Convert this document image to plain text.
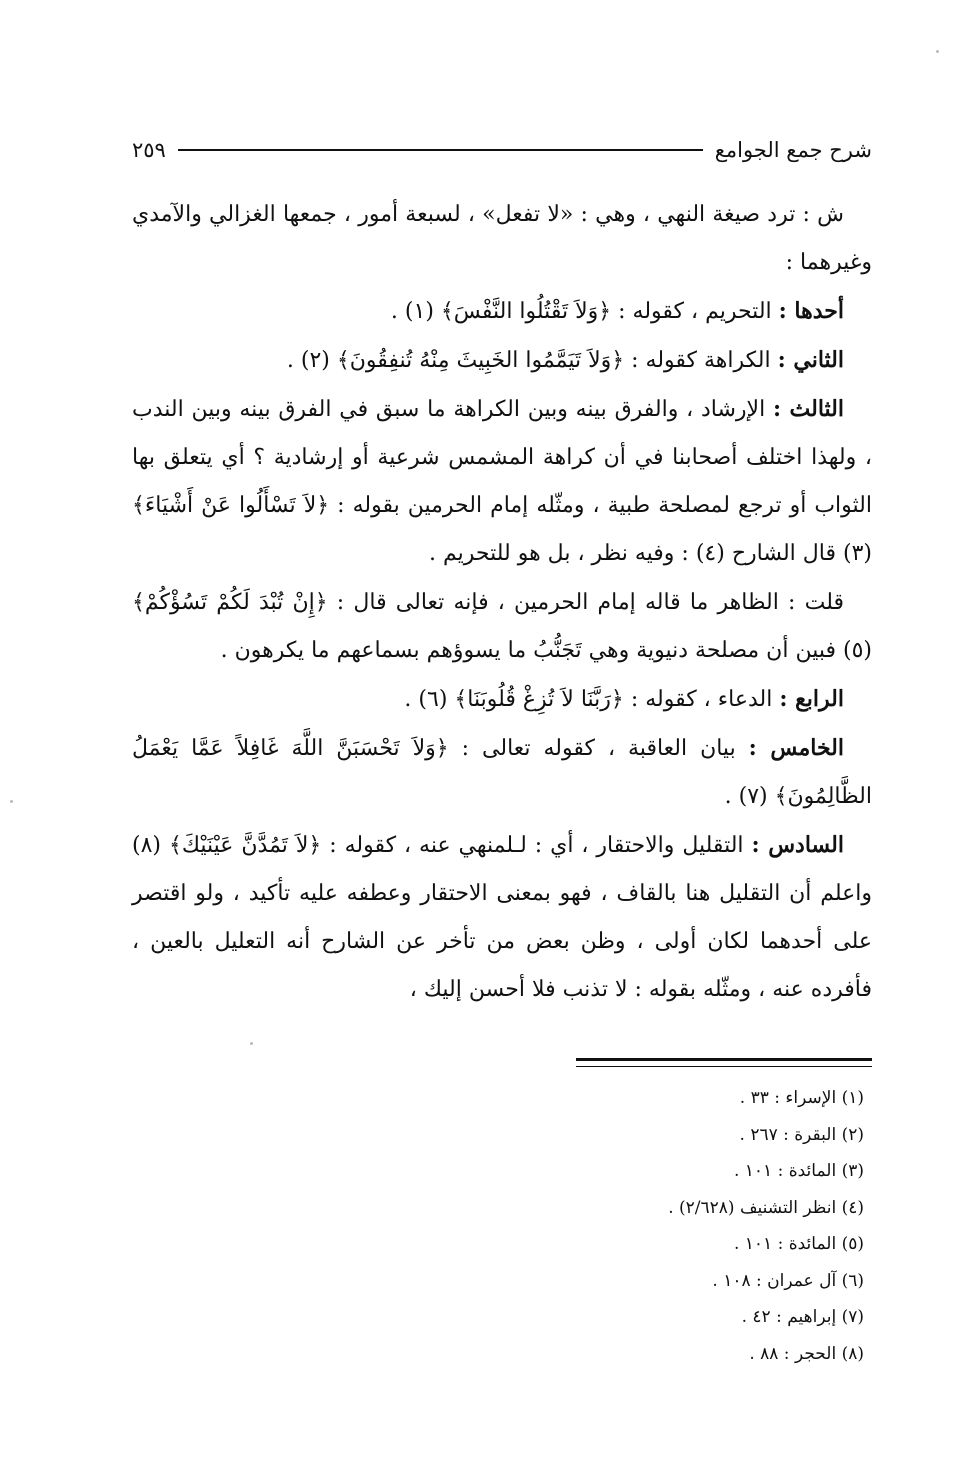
شرح جمع الجوامع
٢٥٩

ش : ترد صيغة النهي ، وهي : «لا تفعل» ، لسبعة أمور ، جمعها الغزالي والآمدي وغيرهما :

أحدها : التحريم ، كقوله : ﴿وَلاَ تَقْتُلُوا النَّفْسَ﴾ (١) .

الثاني : الكراهة كقوله : ﴿وَلاَ تَيَمَّمُوا الخَبِيثَ مِنْهُ تُنفِقُونَ﴾ (٢) .

الثالث : الإرشاد ، والفرق بينه وبين الكراهة ما سبق في الفرق بينه وبين الندب ، ولهذا اختلف أصحابنا في أن كراهة المشمس شرعية أو إرشادية ؟ أي يتعلق بها الثواب أو ترجع لمصلحة طبية ، ومثّله إمام الحرمين بقوله : ﴿لاَ تَسْأَلُوا عَنْ أَشْيَاءَ﴾ (٣) قال الشارح (٤) : وفيه نظر ، بل هو للتحريم .

قلت : الظاهر ما قاله إمام الحرمين ، فإنه تعالى قال : ﴿إِنْ تُبْدَ لَكُمْ تَسُؤْكُمْ﴾ (٥) فبين أن مصلحة دنيوية وهي تَجَنُّبُ ما يسوؤهم بسماعهم ما يكرهون .

الرابع : الدعاء ، كقوله : ﴿رَبَّنَا لاَ تُزِغْ قُلُوبَنَا﴾ (٦) .

الخامس : بيان العاقبة ، كقوله تعالى : ﴿وَلاَ تَحْسَبَنَّ اللَّهَ غَافِلاً عَمَّا يَعْمَلُ الظَّالِمُونَ﴾ (٧) .

السادس : التقليل والاحتقار ، أي : لـلمنهي عنه ، كقوله : ﴿لاَ تَمُدَّنَّ عَيْنَيْكَ﴾ (٨) واعلم أن التقليل هنا بالقاف ، فهو بمعنى الاحتقار وعطفه عليه تأكيد ، ولو اقتصر على أحدهما لكان أولى ، وظن بعض من تأخر عن الشارح أنه التعليل بالعين ، فأفرده عنه ، ومثّله بقوله : لا تذنب فلا أحسن إليك ،

(١) الإسراء : ٣٣ .
(٢) البقرة : ٢٦٧ .
(٣) المائدة : ١٠١ .
(٤) انظر التشنيف (٢/٦٢٨) .
(٥) المائدة : ١٠١ .
(٦) آل عمران : ١٠٨ .
(٧) إبراهيم : ٤٢ .
(٨) الحجر : ٨٨ .
